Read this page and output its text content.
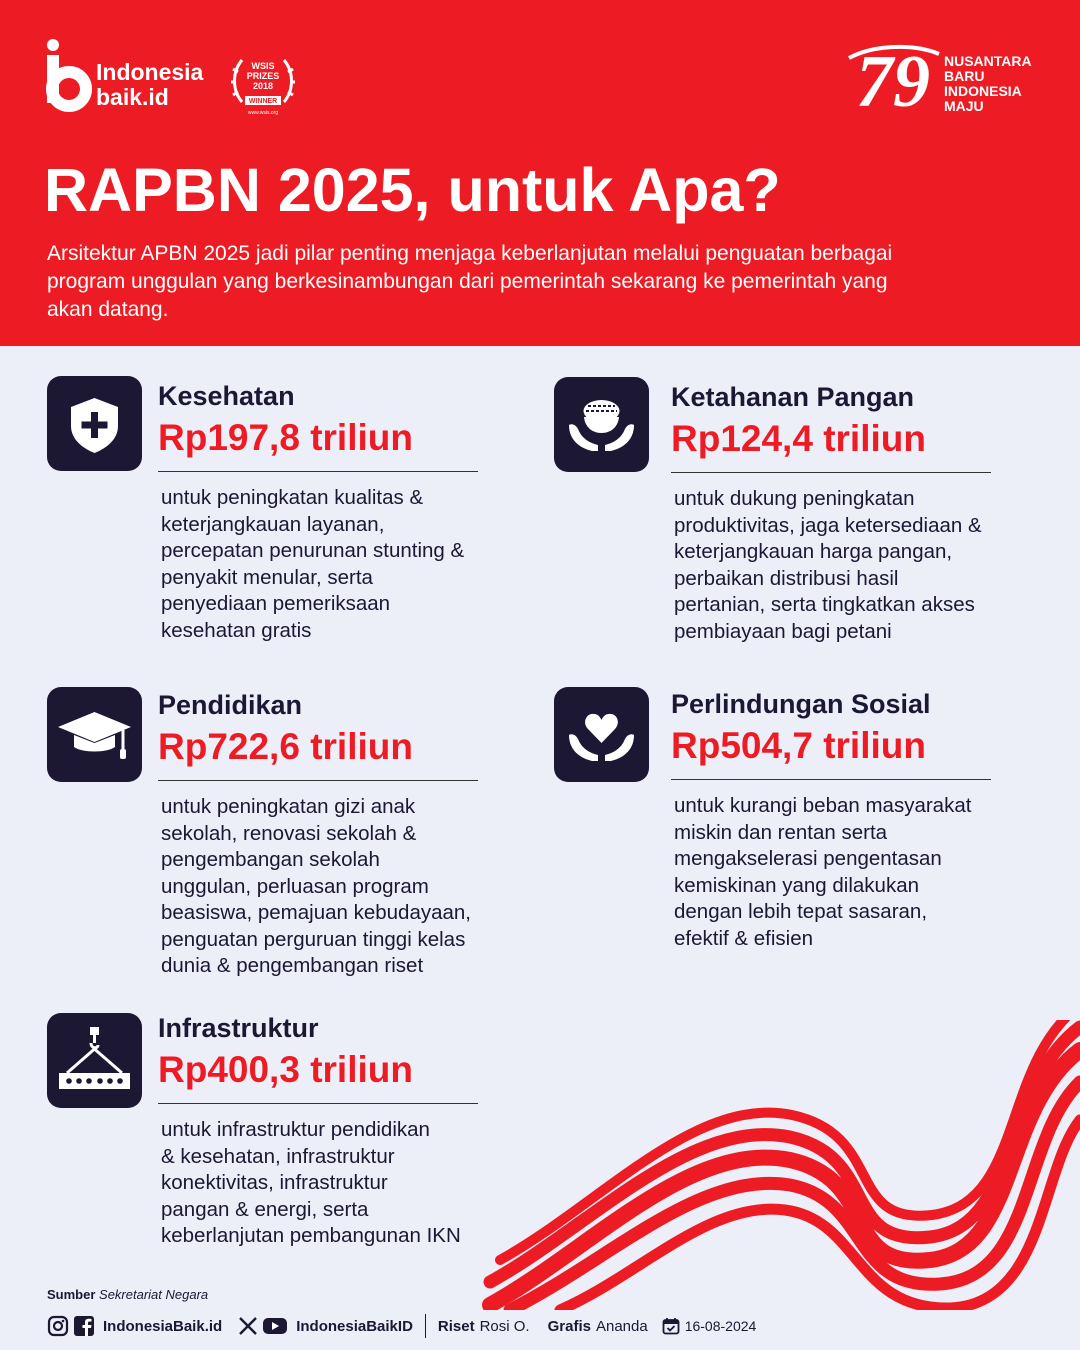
Indonesia
baik.id
WSIS
PRIZES
2018
WINNER
www.wsis.org	79 NUSANTARA
BARU
INDONESIA
MAJU
RAPBN 2025, untuk Apa?

Arsitektur APBN 2025 jadi pilar penting menjaga keberlanjutan melalui penguatan berbagai program unggulan yang berkesinambungan dari pemerintah sekarang ke pemerintah yang akan datang.

Kesehatan
Rp197,8 triliun
untuk peningkatan kualitas &
keterjangkauan layanan,
percepatan penurunan stunting &
penyakit menular, serta
penyediaan pemeriksaan
kesehatan gratis
Ketahanan Pangan
Rp124,4 triliun
untuk dukung peningkatan
produktivitas, jaga ketersediaan &
keterjangkauan harga pangan,
perbaikan distribusi hasil
pertanian, serta tingkatkan akses
pembiayaan bagi petani
Pendidikan
Rp722,6 triliun
untuk peningkatan gizi anak
sekolah, renovasi sekolah &
pengembangan sekolah
unggulan, perluasan program
beasiswa, pemajuan kebudayaan,
penguatan perguruan tinggi kelas
dunia & pengembangan riset
Perlindungan Sosial
Rp504,7 triliun
untuk kurangi beban masyarakat
miskin dan rentan serta
mengakselerasi pengentasan
kemiskinan yang dilakukan
dengan lebih tepat sasaran,
efektif & efisien
Infrastruktur
Rp400,3 triliun
untuk infrastruktur pendidikan
& kesehatan, infrastruktur
konektivitas, infrastruktur
pangan & energi, serta
keberlanjutan pembangunan IKN
Sumber Sekretariat Negara
IndonesiaBaik.id	IndonesiaBaikID Riset Rosi O. Grafis Ananda	16-08-2024
